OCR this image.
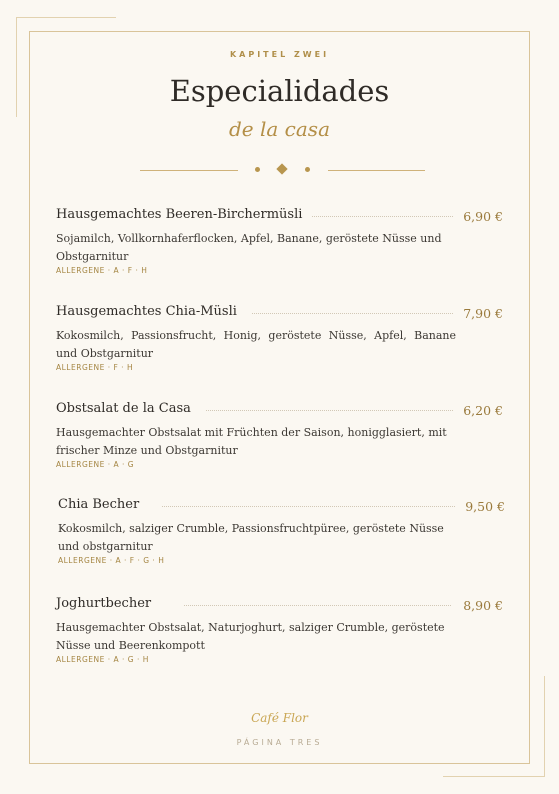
KAPITEL ZWEI
Especialidades
de la casa
Hausgemachtes Beeren-Birchermüsli	6,90 €
Sojamilch, Vollkornhaferflocken, Apfel, Banane, geröstete Nüsse und Obstgarnitur
ALLERGENE · A · F · H
Hausgemachtes Chia-Müsli	7,90 €
Kokosmilch, Passionsfrucht, Honig, geröstete Nüsse, Apfel, Banane und Obstgarnitur
ALLERGENE · F · H
Obstsalat de la Casa	6,20 €
Hausgemachter Obstsalat mit Früchten der Saison, honigglasiert, mit frischer Minze und Obstgarnitur
ALLERGENE · A · G
Chia Becher	9,50 €
Kokosmilch, salziger Crumble, Passionsfruchtpüree, geröstete Nüsse und obstgarnitur
ALLERGENE · A · F · G · H
Joghurtbecher	8,90 €
Hausgemachter Obstsalat, Naturjoghurt, salziger Crumble, geröstete Nüsse und Beerenkompott
ALLERGENE · A · G · H
Café Flor
PÁGINA TRES
